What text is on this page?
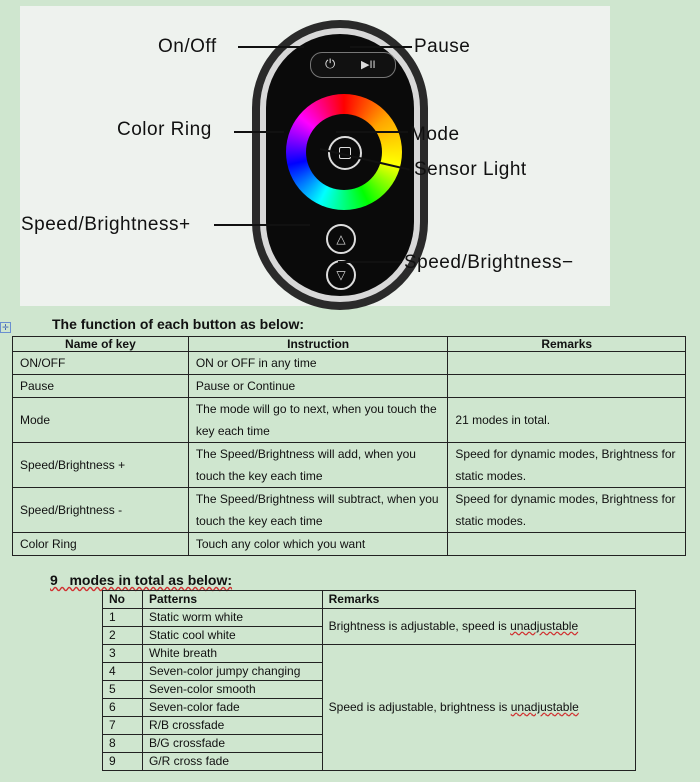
⏻ ▶II
△
▽
On/Off	Pause
Color Ring	Mode
Sensor Light
Speed/Brightness+
Speed/Brightness−
✛	The function of each button as below:
Name of key	Instruction	Remarks
ON/OFF	ON or OFF in any time	
Pause	Pause or Continue	
Mode	The mode will go to next, when you touch the key each time	21 modes in total.
Speed/Brightness +	The Speed/Brightness will add, when you touch the key each time	Speed for dynamic modes, Brightness for static modes.
Speed/Brightness -	The Speed/Brightness will subtract, when you touch the key each time	Speed for dynamic modes, Brightness for static modes.
Color Ring	Touch any color which you want	
9   modes in total as below:
No	Patterns	Remarks
1	Static worm white	Brightness is adjustable, speed is unadjustable
2	Static cool white	
3	White breath	Speed is adjustable, brightness is unadjustable
4	Seven-color jumpy changing	
5	Seven-color smooth	
6	Seven-color fade	
7	R/B crossfade	
8	B/G crossfade	
9	G/R cross fade	
